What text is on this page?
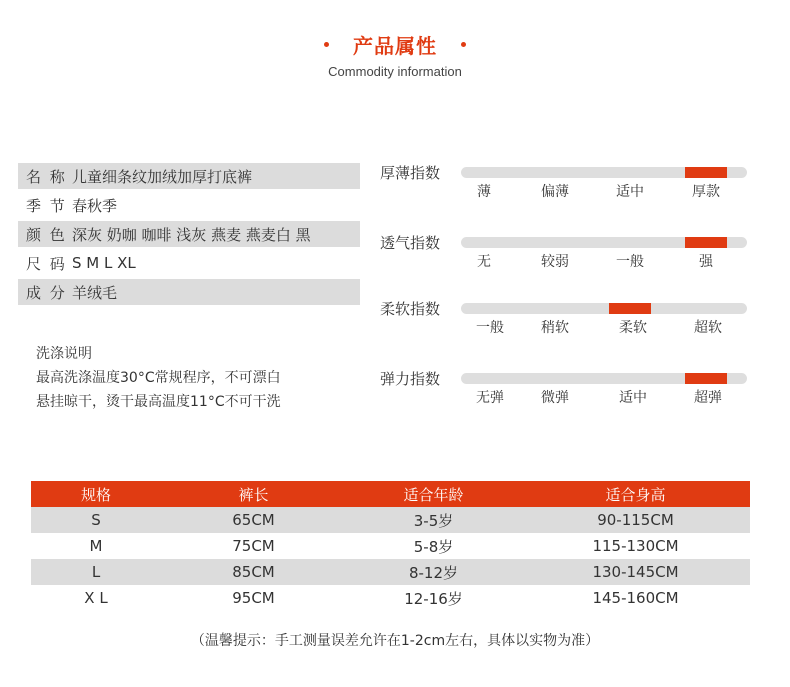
产品属性
Commodity information
名 称 儿童细条纹加绒加厚打底裤
季 节 春秋季
颜 色 深灰 奶咖 咖啡 浅灰 燕麦 燕麦白 黑
尺 码 S M L XL
成 分 羊绒毛
洗涤说明
最高洗涤温度30°C常规程序，不可漂白
悬挂晾干，烫干最高温度11°C不可干洗
厚薄指数
薄	偏薄	适中	厚款
透气指数
无	较弱	一般	强
柔软指数
一般	稍软	柔软	超软
弹力指数
无弹	微弹	适中	超弹
规格	裤长	适合年龄	适合身高
S	65CM	3-5岁	90-115CM
M	75CM	5-8岁	115-130CM
L	85CM	8-12岁	130-145CM
X L	95CM	12-16岁	145-160CM
（温馨提示：手工测量误差允许在1-2cm左右，具体以实物为准）
